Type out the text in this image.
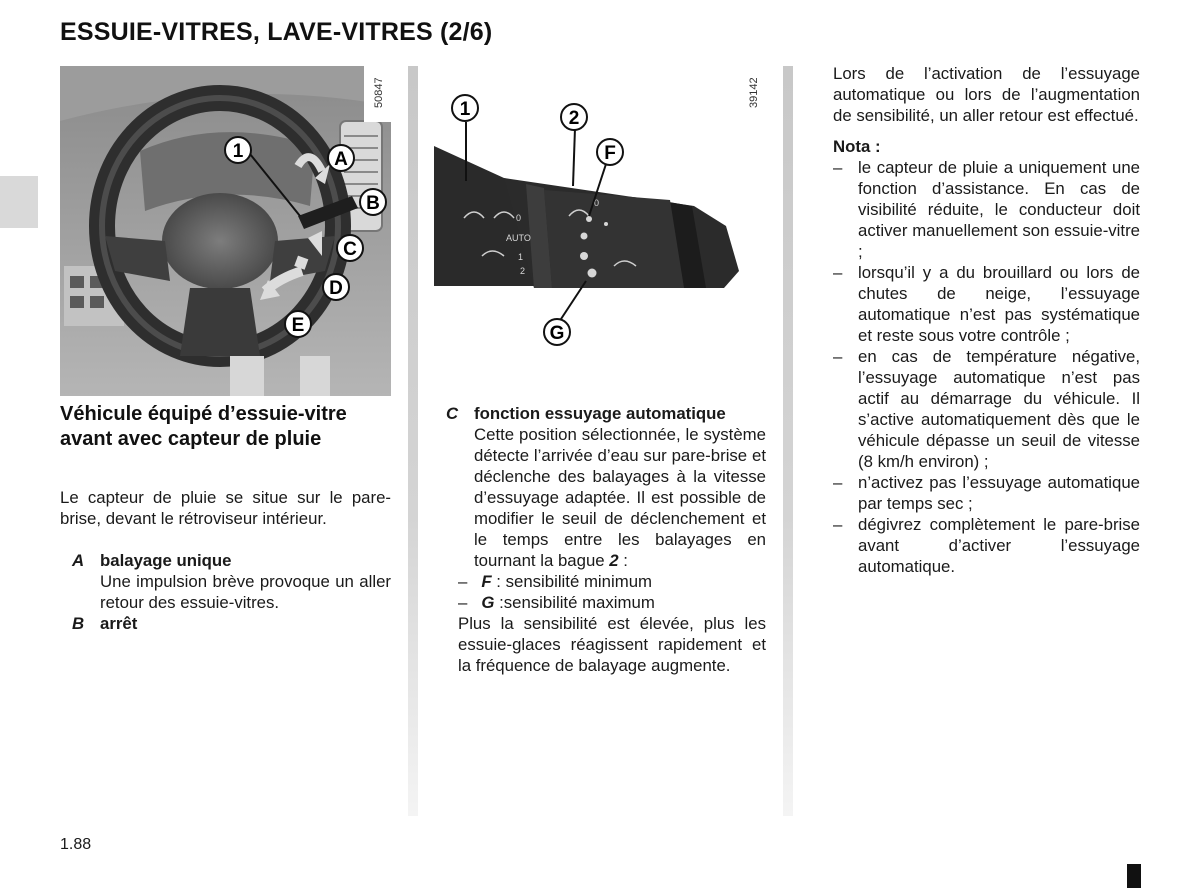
ESSUIE-VITRES, LAVE-VITRES (2/6)
1	A
B
C
D
E
50847
0
AUTO
1
2
0
1	2
F
G
39142
Véhicule équipé d’essuie-vitre avant avec capteur de pluie
Le capteur de pluie se situe sur le pare-brise, devant le rétroviseur intérieur.
A balayage unique
Une impulsion brève provoque un aller retour des essuie-vitres.
B arrêt
C fonction essuyage automatique
Cette position sélectionnée, le système détecte l’arrivée d’eau sur pare-brise et déclenche des balayages à la vitesse d’essuyage adaptée. Il est possible de modifier le seuil de déclenchement et le temps entre les balayages en tournant la bague 2 :
– F : sensibilité minimum
– G :sensibilité maximum
Plus la sensibilité est élevée, plus les essuie-glaces réagissent rapidement et la fréquence de balayage augmente.
Lors de l’activation de l’essuyage automatique ou lors de l’augmentation de sensibilité, un aller retour est effectué.
Nota :
– le capteur de pluie a uniquement une fonction d’assistance. En cas de visibilité réduite, le conducteur doit activer manuellement son essuie-vitre ;
– lorsqu’il y a du brouillard ou lors de chutes de neige, l’essuyage automatique n’est pas systématique et reste sous votre contrôle ;
– en cas de température négative, l’essuyage automatique n’est pas actif au démarrage du véhicule. Il s’active automatiquement dès que le véhicule dépasse un seuil de vitesse (8 km/h environ) ;
– n’activez pas l’essuyage automatique par temps sec ;
– dégivrez complètement le pare-brise avant d’activer l’essuyage automatique.
1.88
